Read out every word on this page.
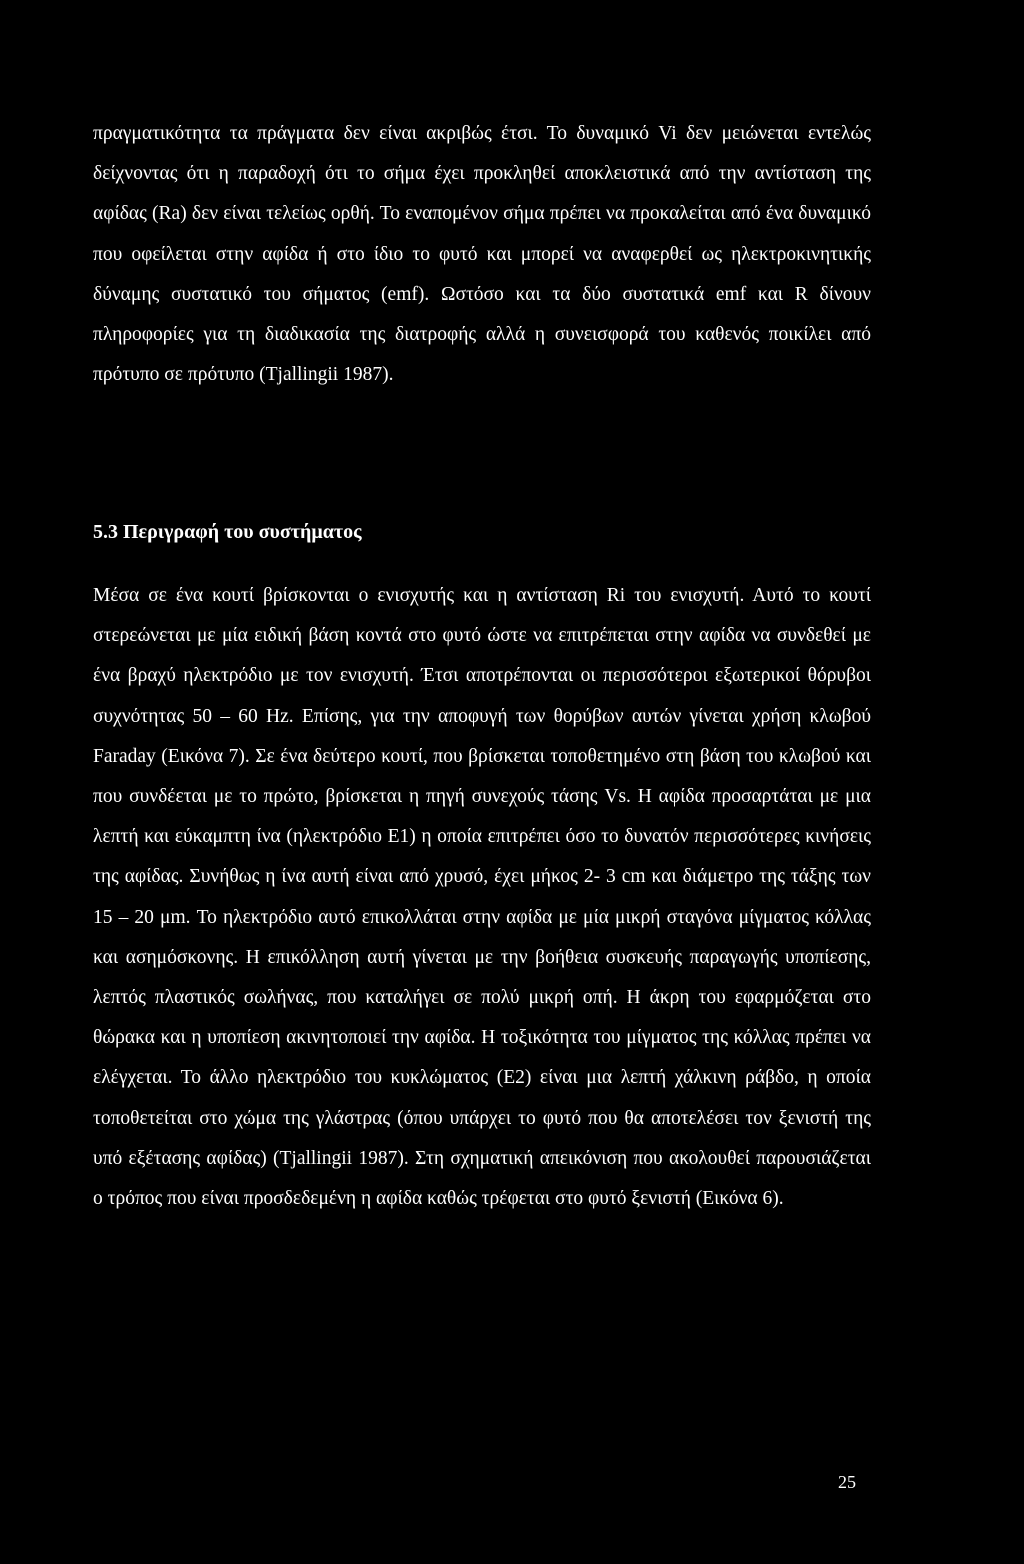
πραγματικότητα τα πράγματα δεν είναι ακριβώς έτσι. Το δυναμικό Vi δεν μειώνεται εντελώς δείχνοντας ότι η παραδοχή ότι το σήμα έχει προκληθεί αποκλειστικά από την αντίσταση της αφίδας (Ra) δεν είναι τελείως ορθή. Το εναπομένον σήμα πρέπει να προκαλείται από ένα δυναμικό που οφείλεται στην αφίδα ή στο ίδιο το φυτό και μπορεί να αναφερθεί ως ηλεκτροκινητικής δύναμης συστατικό του σήματος (emf). Ωστόσο και τα δύο συστατικά emf και R δίνουν πληροφορίες για τη διαδικασία της διατροφής αλλά η συνεισφορά του καθενός ποικίλει από πρότυπο σε πρότυπο (Tjallingii 1987).

5.3 Περιγραφή του συστήματος

Μέσα σε ένα κουτί βρίσκονται ο ενισχυτής και η αντίσταση Ri του ενισχυτή. Αυτό το κουτί στερεώνεται με μία ειδική βάση κοντά στο φυτό ώστε να επιτρέπεται στην αφίδα να συνδεθεί με ένα βραχύ ηλεκτρόδιο με τον ενισχυτή. Έτσι αποτρέπονται οι περισσότεροι εξωτερικοί θόρυβοι συχνότητας 50 – 60 Hz. Επίσης, για την αποφυγή των θορύβων αυτών γίνεται χρήση κλωβού Faraday (Εικόνα 7). Σε ένα δεύτερο κουτί, που βρίσκεται τοποθετημένο στη βάση του κλωβού και που συνδέεται με το πρώτο, βρίσκεται η πηγή συνεχούς τάσης Vs. Η αφίδα προσαρτάται με μια λεπτή και εύκαμπτη ίνα (ηλεκτρόδιο E1) η οποία επιτρέπει όσο το δυνατόν περισσότερες κινήσεις της αφίδας. Συνήθως η ίνα αυτή είναι από χρυσό, έχει μήκος 2- 3 cm και διάμετρο της τάξης των 15 – 20 μm. Το ηλεκτρόδιο αυτό επικολλάται στην αφίδα με μία μικρή σταγόνα μίγματος κόλλας και ασημόσκονης. Η επικόλληση αυτή γίνεται με την βοήθεια συσκευής παραγωγής υποπίεσης, λεπτός πλαστικός σωλήνας, που καταλήγει σε πολύ μικρή οπή. Η άκρη του εφαρμόζεται στο θώρακα και η υποπίεση ακινητοποιεί την αφίδα. Η τοξικότητα του μίγματος της κόλλας πρέπει να ελέγχεται. Το άλλο ηλεκτρόδιο του κυκλώματος (E2) είναι μια λεπτή χάλκινη ράβδο, η οποία τοποθετείται στο χώμα της γλάστρας (όπου υπάρχει το φυτό που θα αποτελέσει τον ξενιστή της υπό εξέτασης αφίδας) (Tjallingii 1987). Στη σχηματική απεικόνιση που ακολουθεί παρουσιάζεται ο τρόπος που είναι προσδεδεμένη η αφίδα καθώς τρέφεται στο φυτό ξενιστή (Εικόνα 6).

25
